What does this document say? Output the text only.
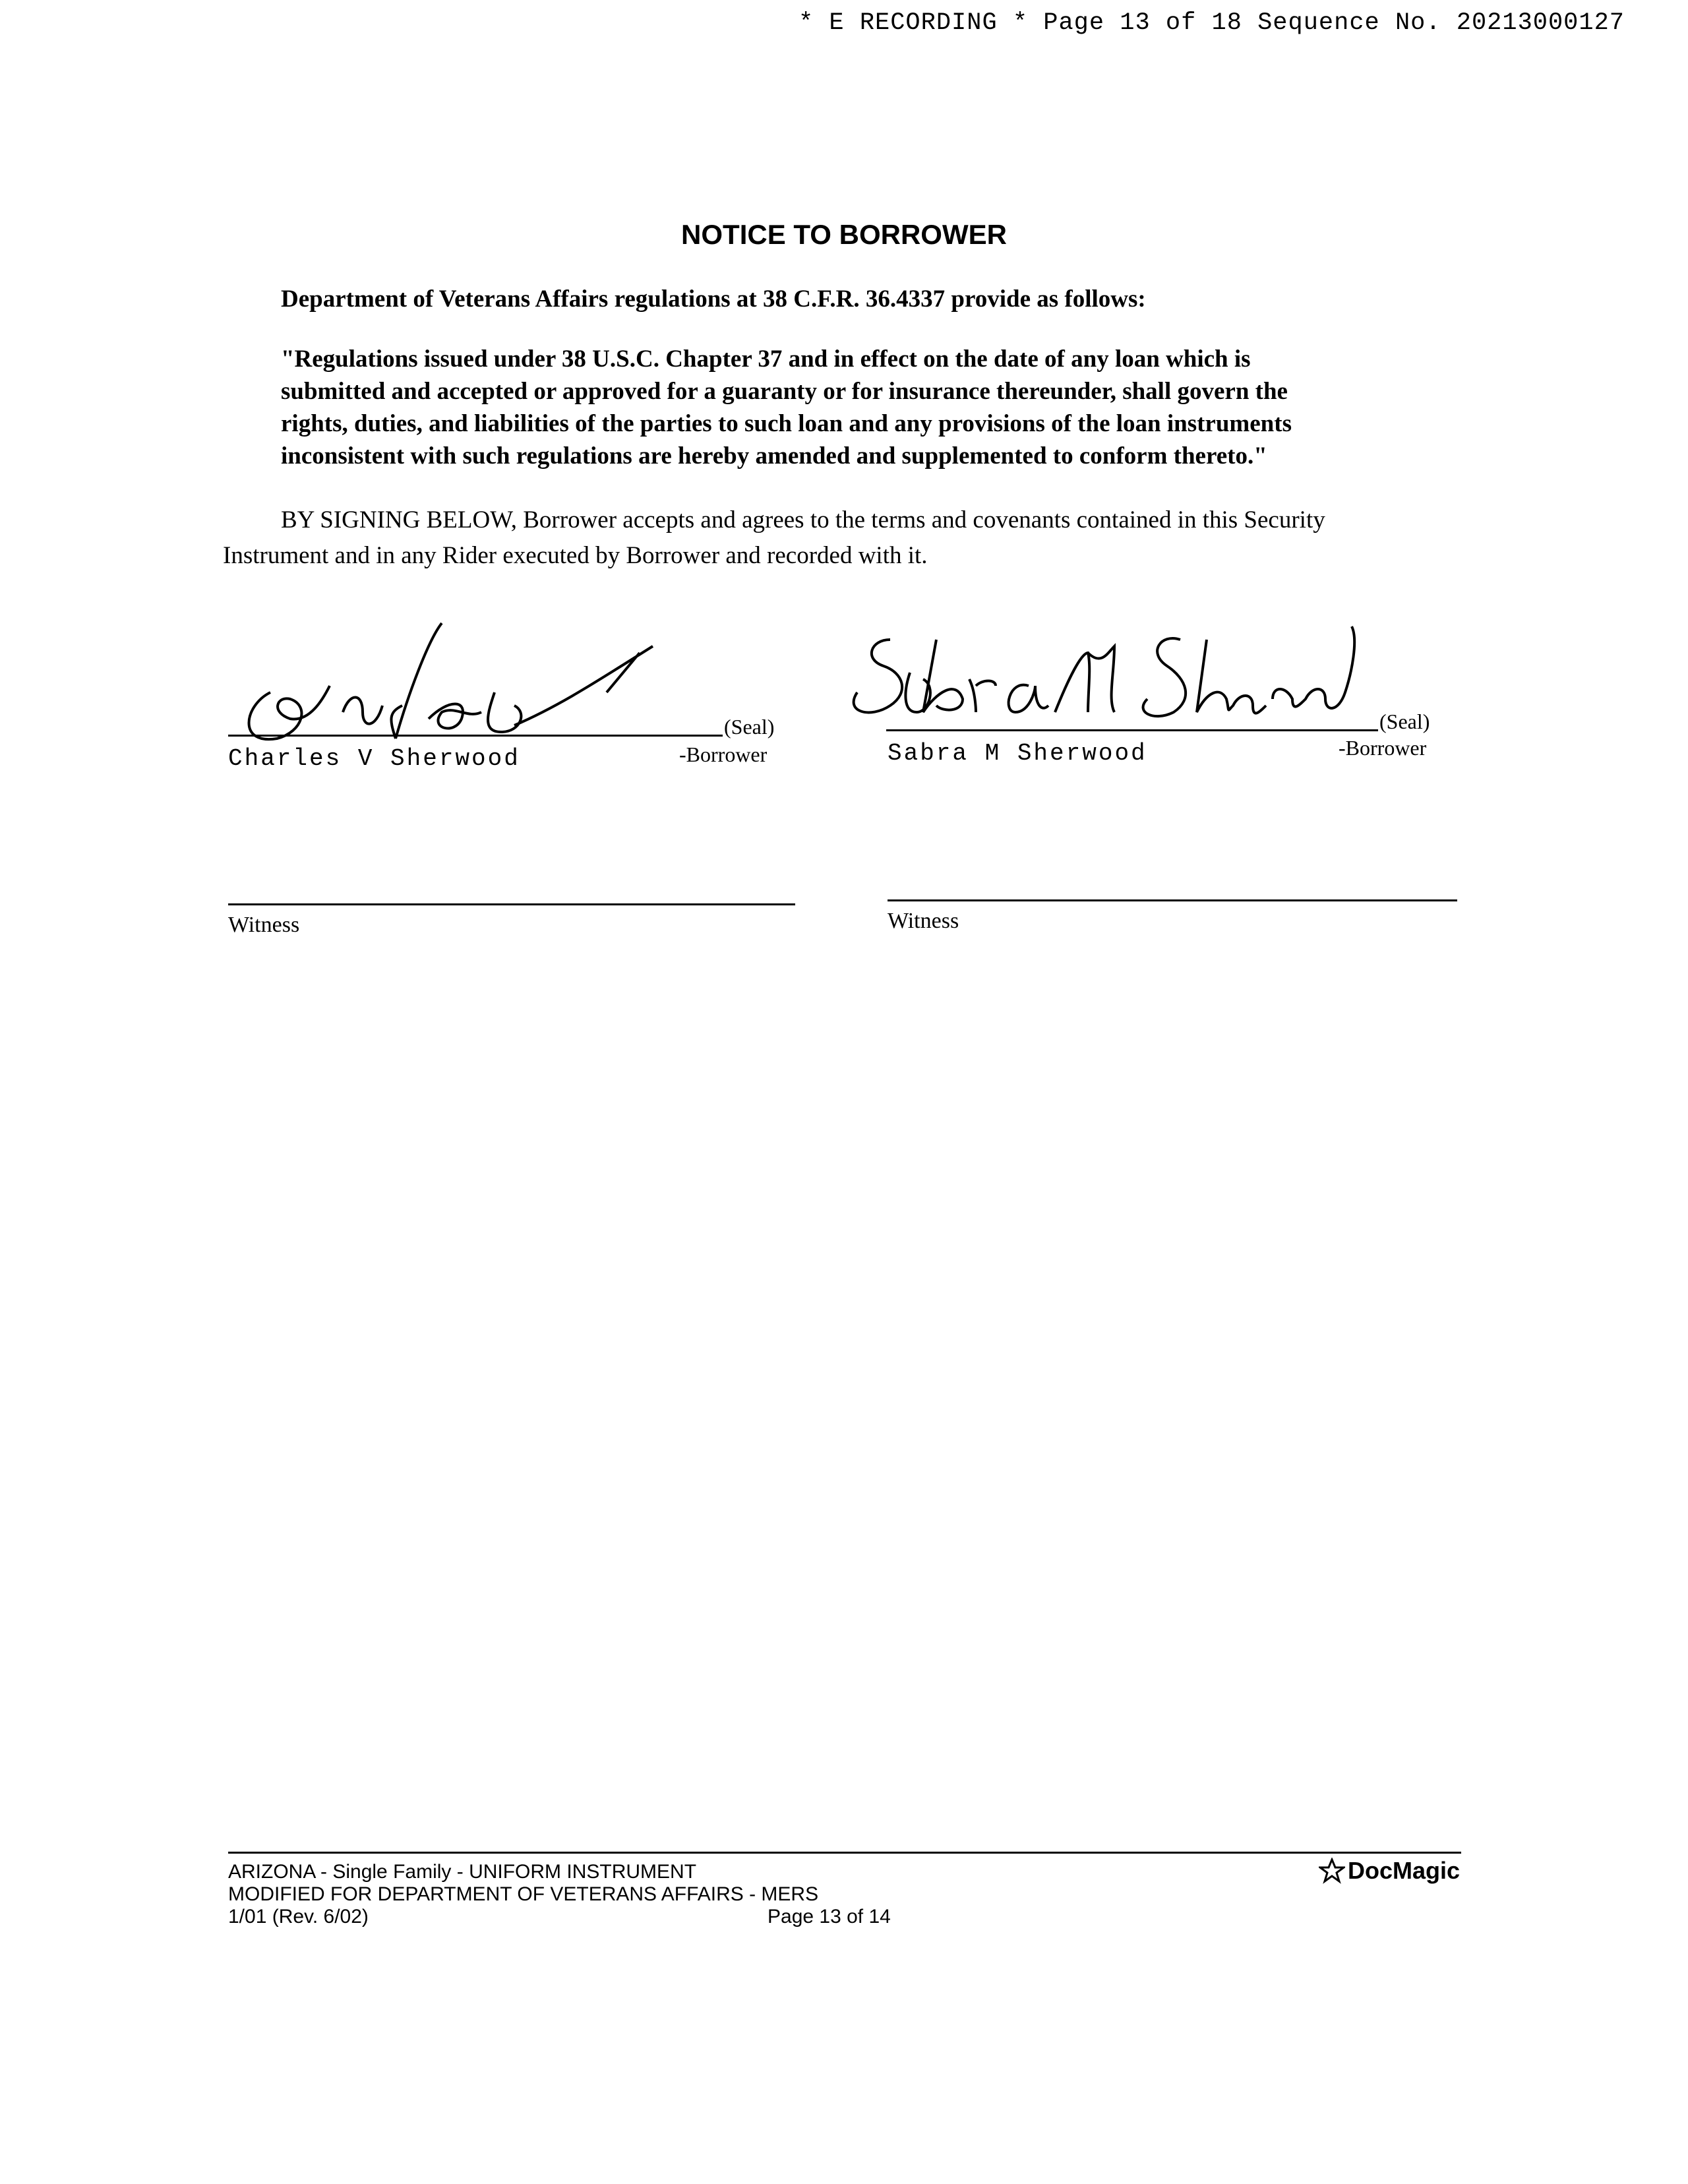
* E RECORDING * Page 13 of 18 Sequence No. 20213000127
NOTICE TO BORROWER
Department of Veterans Affairs regulations at 38 C.F.R. 36.4337 provide as follows:
"Regulations issued under 38 U.S.C. Chapter 37 and in effect on the date of any loan which is
submitted and accepted or approved for a guaranty or for insurance thereunder, shall govern the
rights, duties, and liabilities of the parties to such loan and any provisions of the loan instruments
inconsistent with such regulations are hereby amended and supplemented to conform thereto."
BY SIGNING BELOW, Borrower accepts and agrees to the terms and covenants contained in this Security
Instrument and in any Rider executed by Borrower and recorded with it.
(Seal)
Charles V Sherwood	-Borrower
Witness
(Seal)
Sabra M Sherwood	-Borrower
Witness
ARIZONA - Single Family - UNIFORM INSTRUMENT
MODIFIED FOR DEPARTMENT OF VETERANS AFFAIRS - MERS
1/01 (Rev. 6/02)	Page 13 of 14
DocMagic
